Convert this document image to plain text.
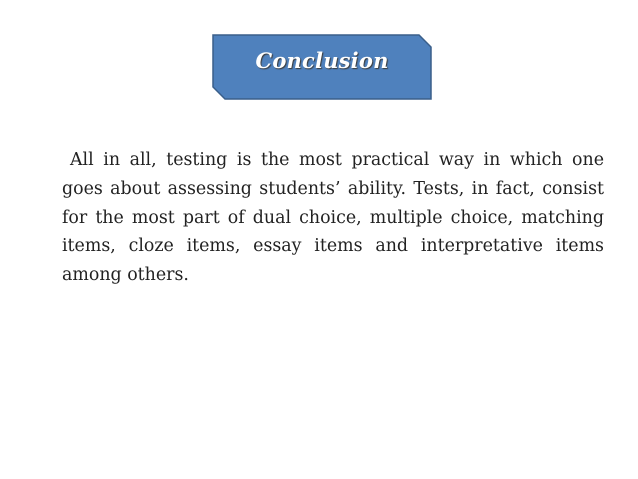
Conclusion

All in all, testing is the most practical way in which one goes about assessing students’ ability. Tests, in fact, consist for the most part of dual choice, multiple choice, matching items, cloze items, essay items and interpretative items among others.
